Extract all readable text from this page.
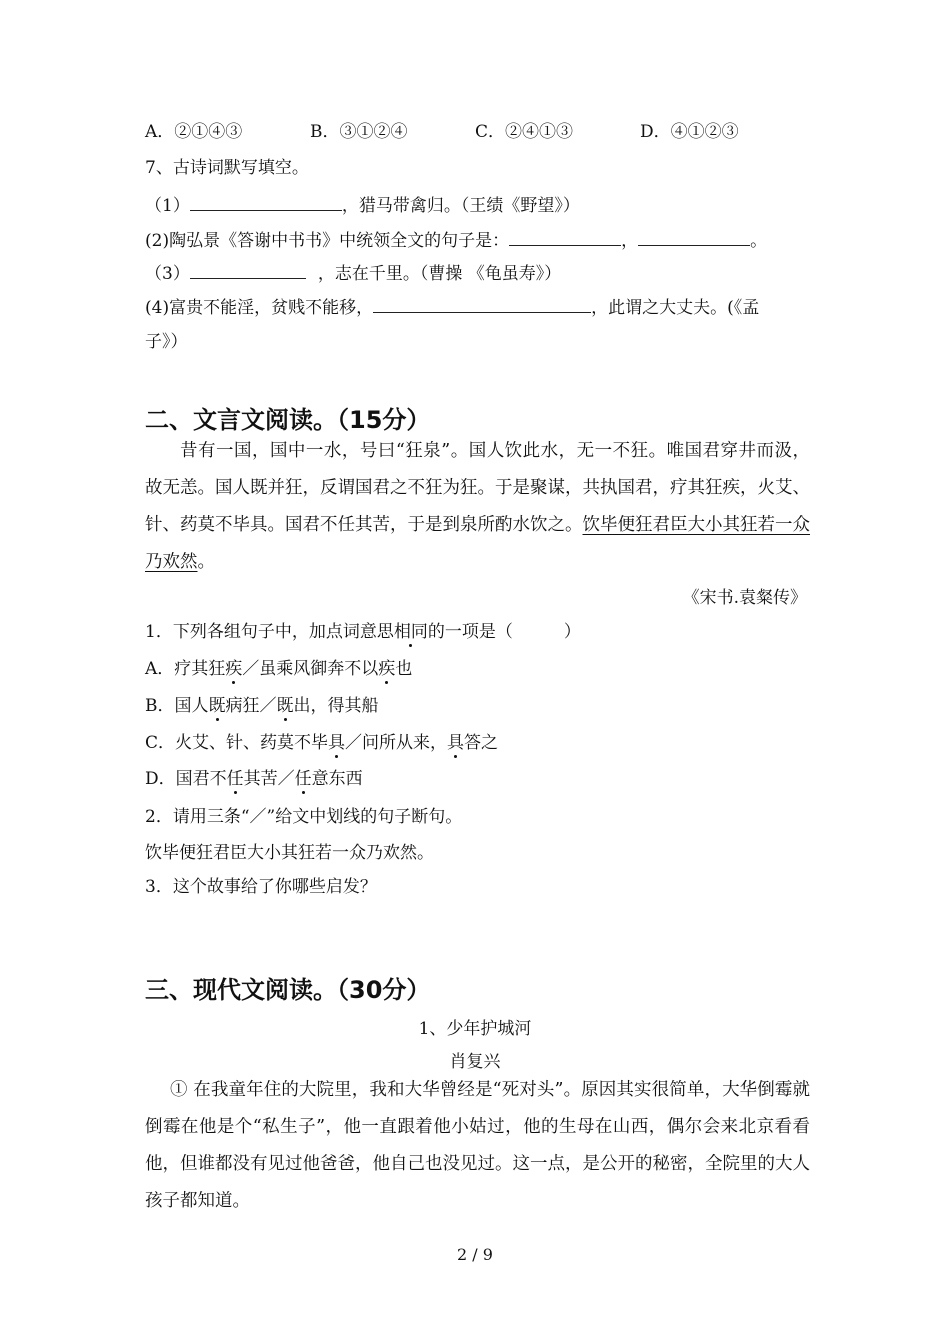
A．②①④③	B．③①②④	C．②④①③	D．④①②③
7、古诗词默写填空。
（1）	，猎马带禽归。（王绩《野望》）
(2)陶弘景《答谢中书书》中统领全文的句子是：	，	。
（3）	，志在千里。（曹操 《龟虽寿》）
(4)富贵不能淫，贫贱不能移，	，此谓之大丈夫。(《孟
子》）
二、文言文阅读。（15分）
昔有一国，国中一水，号曰“狂泉”。国人饮此水，无一不狂。唯国君穿井而汲，故无恙。国人既并狂，反谓国君之不狂为狂。于是聚谋，共执国君，疗其狂疾，火艾、针、药莫不毕具。国君不任其苦，于是到泉所酌水饮之。饮毕便狂君臣大小其狂若一众乃欢然。
《宋书.袁粲传》
1．下列各组句子中，加点词意思相同的一项是（　　　）
A．疗其狂疾／虽乘风御奔不以疾也
B．国人既病狂／既出，得其船
C．火艾、针、药莫不毕具／问所从来，具答之
D．国君不任其苦／任意东西
2．请用三条“／”给文中划线的句子断句。
饮毕便狂君臣大小其狂若一众乃欢然。
3．这个故事给了你哪些启发？
三、现代文阅读。（30分）
1、少年护城河
肖复兴
① 在我童年住的大院里，我和大华曾经是“死对头”。原因其实很简单，大华倒霉就倒霉在他是个“私生子”，他一直跟着他小姑过，他的生母在山西，偶尔会来北京看看他，但谁都没有见过他爸爸，他自己也没见过。这一点，是公开的秘密，全院里的大人孩子都知道。
2 / 9
